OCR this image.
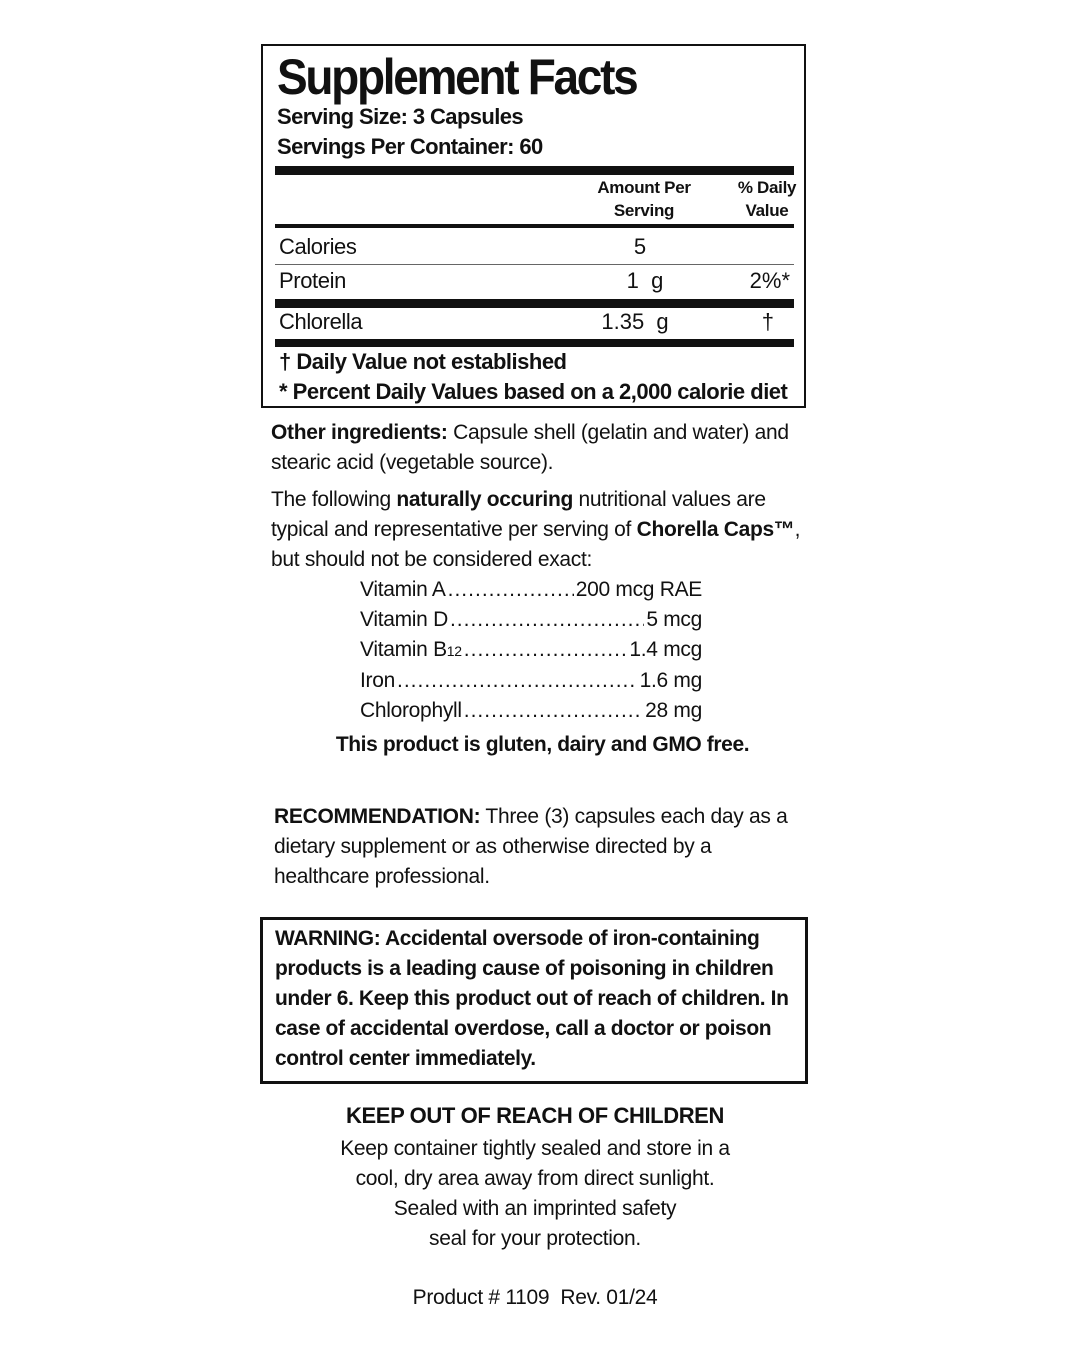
Supplement Facts
Serving Size: 3 Capsules
Servings Per Container: 60
Amount Per
Serving
% Daily
Value
Calories	5
Protein	1  g	2%*
Chlorella	1.35  g	†
† Daily Value not established
* Percent Daily Values based on a 2,000 calorie diet
Other ingredients: Capsule shell (gelatin and water) and stearic acid (vegetable source).
The following naturally occuring nutritional values are typical and representative per serving of Chorella Caps™, but should not be considered exact:
Vitamin A .....	200 mcg RAE
Vitamin D .....	5 mcg
Vitamin B 12 .....	1.4 mcg
Iron .....	1.6 mg
Chlorophyll .....	28 mg
This product is gluten, dairy and GMO free.
RECOMMENDATION: Three (3) capsules each day as a dietary supplement or as otherwise directed by a healthcare professional.
WARNING: Accidental oversode of iron-containing products is a leading cause of poisoning in children under 6. Keep this product out of reach of children. In case of accidental overdose, call a doctor or poison control center immediately.
KEEP OUT OF REACH OF CHILDREN
Keep container tightly sealed and store in a
cool, dry area away from direct sunlight.
Sealed with an imprinted safety
seal for your protection.
Product # 1109  Rev. 01/24
